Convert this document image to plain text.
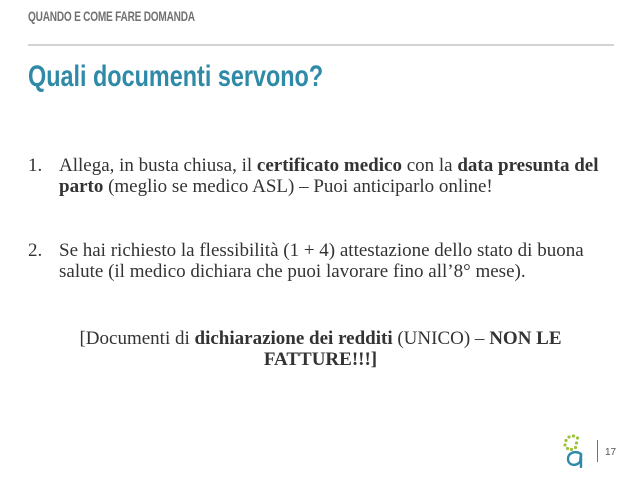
QUANDO E COME FARE DOMANDA
Quali documenti servono?
1. Allega, in busta chiusa, il certificato medico con la data presunta del parto (meglio se medico ASL) – Puoi anticiparlo online!
2. Se hai richiesto la flessibilità (1 + 4) attestazione dello stato di buona salute (il medico dichiara che puoi lavorare fino all’8° mese).
[Documenti di dichiarazione dei redditi (UNICO) – NON LE FATTURE!!!]
17
